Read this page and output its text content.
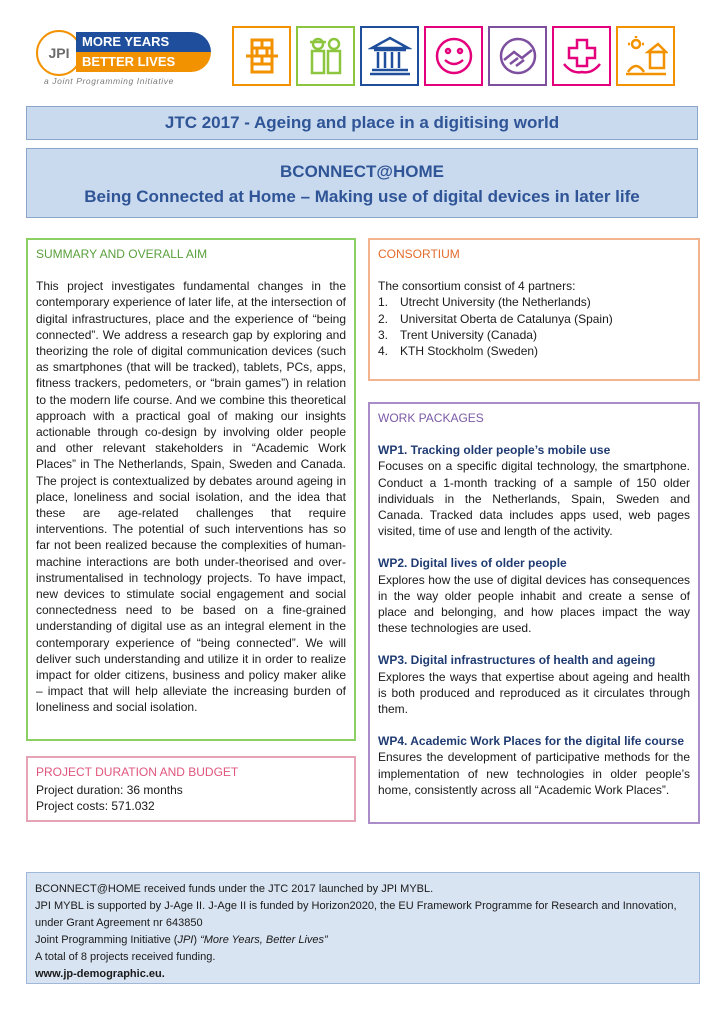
JPI
MORE YEARS
BETTER LIVES
a Joint Programming Initiative
JTC 2017 - Ageing and place in a digitising world
BCONNECT@HOME
Being Connected at Home – Making use of digital devices in later life
SUMMARY AND OVERALL AIM

This project investigates fundamental changes in the contemporary experience of later life, at the intersection of digital infrastructures, place and the experience of “being connected”. We address a research gap by exploring and theorizing the role of digital communication devices (such as smartphones (that will be tracked), tablets, PCs, apps, fitness trackers, pedometers, or “brain games”) in relation to the modern life course. And we combine this theoretical approach with a practical goal of making our insights actionable through co-design by involving older people and other relevant stakeholders in “Academic Work Places” in The Netherlands, Spain, Sweden and Canada. The project is contextualized by debates around ageing in place, loneliness and social isolation, and the idea that these are age-related challenges that require interventions. The potential of such interventions has so far not been realized because the complexities of human-machine interactions are both under-theorised and over-instrumentalised in technology projects. To have impact, new devices to stimulate social engagement and social connectedness need to be based on a fine-grained understanding of digital use as an integral element in the contemporary experience of “being connected”. We will deliver such understanding and utilize it in order to realize impact for older citizens, business and policy maker alike – impact that will help alleviate the increasing burden of loneliness and social isolation.

PROJECT DURATION AND BUDGET
Project duration: 36 months
Project costs: 571.032
CONSORTIUM
The consortium consist of 4 partners:
1. Utrecht University (the Netherlands)
2. Universitat Oberta de Catalunya (Spain)
3. Trent University (Canada)
4. KTH Stockholm (Sweden)
WORK PACKAGES
WP1. Tracking older people’s mobile use

Focuses on a specific digital technology, the smartphone. Conduct a 1-month tracking of a sample of 150 older individuals in the Netherlands, Spain, Sweden and Canada. Tracked data includes apps used, web pages visited, time of use and length of the activity.

WP2. Digital lives of older people

Explores how the use of digital devices has consequences in the way older people inhabit and create a sense of place and belonging, and how places impact the way these technologies are used.

WP3. Digital infrastructures of health and ageing

Explores the ways that expertise about ageing and health is both produced and reproduced as it circulates through them.

WP4. Academic Work Places for the digital life course

Ensures the development of participative methods for the implementation of new technologies in older people’s home, consistently across all “Academic Work Places”.

BCONNECT@HOME received funds under the JTC 2017 launched by JPI MYBL.
JPI MYBL is supported by J-Age II. J-Age II is funded by Horizon2020, the EU Framework Programme for Research and Innovation, under Grant Agreement nr 643850
Joint Programming Initiative (JPI) “More Years, Better Lives”
A total of 8 projects received funding.
www.jp-demographic.eu.
